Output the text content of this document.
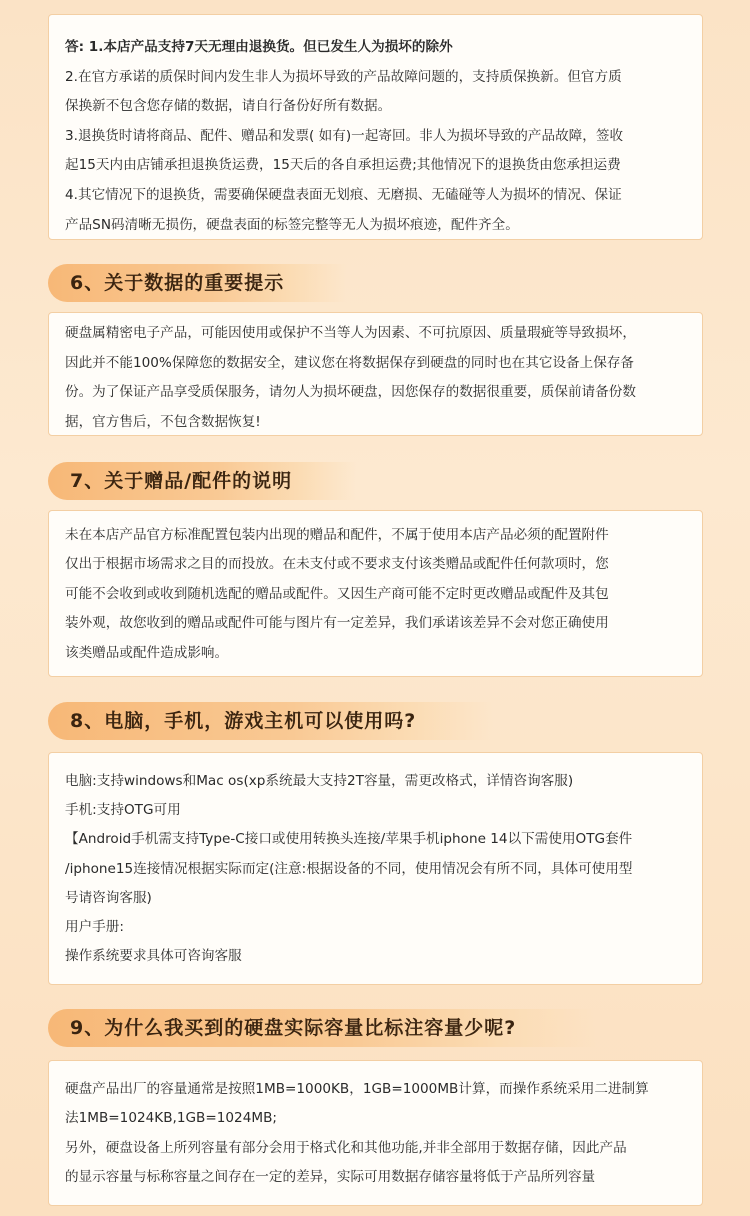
答: 1.本店产品支持7天无理由退换货。但已发生人为损坏的除外

2.在官方承诺的质保时间内发生非人为损坏导致的产品故障问题的，支持质保换新。但官方质

保换新不包含您存储的数据，请自行备份好所有数据。

3.退换货时请将商品、配件、赠品和发票( 如有)一起寄回。非人为损坏导致的产品故障，签收

起15天内由店铺承担退换货运费，15天后的各自承担运费;其他情况下的退换货由您承担运费

4.其它情况下的退换货，需要确保硬盘表面无划痕、无磨损、无磕碰等人为损坏的情况、保证

产品SN码清晰无损伤，硬盘表面的标签完整等无人为损坏痕迹，配件齐全。

6、关于数据的重要提示

硬盘属精密电子产品，可能因使用或保护不当等人为因素、不可抗原因、质量瑕疵等导致损坏，

因此并不能100%保障您的数据安全，建议您在将数据保存到硬盘的同时也在其它设备上保存备

份。为了保证产品享受质保服务，请勿人为损坏硬盘，因您保存的数据很重要，质保前请备份数

据，官方售后，不包含数据恢复!

7、关于赠品/配件的说明

未在本店产品官方标准配置包装内出现的赠品和配件，不属于使用本店产品必须的配置附件

仅出于根据市场需求之目的而投放。在未支付或不要求支付该类赠品或配件任何款项时，您

可能不会收到或收到随机选配的赠品或配件。又因生产商可能不定时更改赠品或配件及其包

装外观，故您收到的赠品或配件可能与图片有一定差异，我们承诺该差异不会对您正确使用

该类赠品或配件造成影响。

8、电脑，手机，游戏主机可以使用吗?

电脑:支持windows和Mac os(xp系统最大支持2T容量，需更改格式，详情咨询客服)

手机:支持OTG可用

【Android手机需支持Type-C接口或使用转换头连接/苹果手机iphone 14以下需使用OTG套件

/iphone15连接情况根据实际而定(注意:根据设备的不同，使用情况会有所不同，具体可使用型

号请咨询客服)

用户手册:

操作系统要求具体可咨询客服

9、为什么我买到的硬盘实际容量比标注容量少呢?

硬盘产品出厂的容量通常是按照1MB=1000KB，1GB=1000MB计算，而操作系统采用二进制算

法1MB=1024KB,1GB=1024MB;

另外，硬盘设备上所列容量有部分会用于格式化和其他功能,并非全部用于数据存储，因此产品

的显示容量与标称容量之间存在一定的差异，实际可用数据存储容量将低于产品所列容量
